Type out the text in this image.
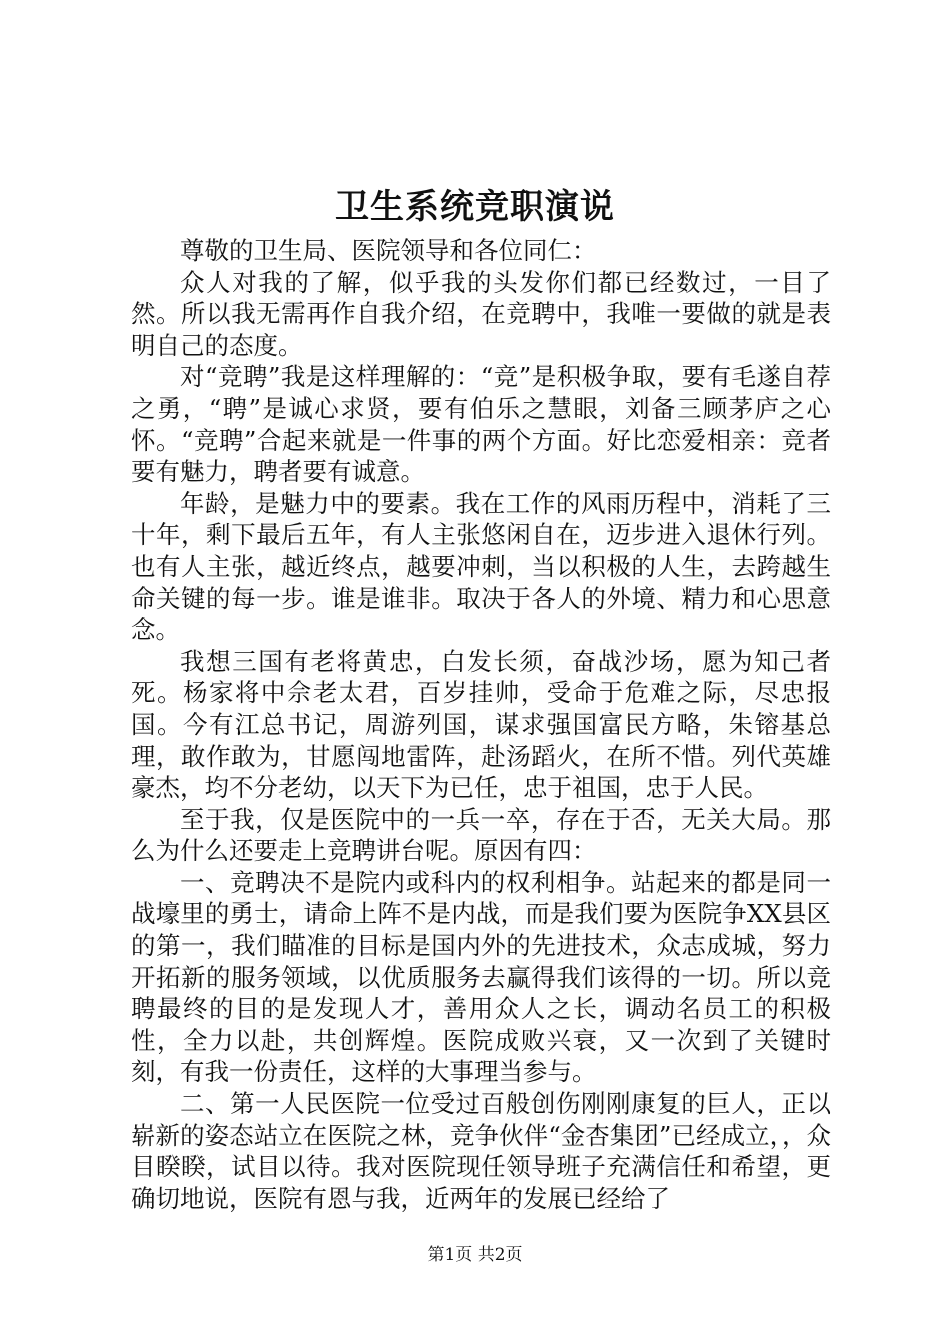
卫生系统竞职演说

尊敬的卫生局、医院领导和各位同仁：

众人对我的了解，似乎我的头发你们都已经数过，一目了然。所以我无需再作自我介绍，在竞聘中，我唯一要做的就是表明自己的态度。

对“竞聘”我是这样理解的：“竞”是积极争取，要有毛遂自荐之勇，“聘”是诚心求贤，要有伯乐之慧眼，刘备三顾茅庐之心怀。“竞聘”合起来就是一件事的两个方面。好比恋爱相亲：竞者要有魅力，聘者要有诚意。

年龄，是魅力中的要素。我在工作的风雨历程中，消耗了三十年，剩下最后五年，有人主张悠闲自在，迈步进入退休行列。也有人主张，越近终点，越要冲刺，当以积极的人生，去跨越生命关键的每一步。谁是谁非。取决于各人的外境、精力和心思意念。

我想三国有老将黄忠，白发长须，奋战沙场，愿为知己者死。杨家将中佘老太君，百岁挂帅，受命于危难之际，尽忠报国。今有江总书记，周游列国，谋求强国富民方略，朱镕基总理，敢作敢为，甘愿闯地雷阵，赴汤蹈火，在所不惜。列代英雄豪杰，均不分老幼，以天下为已任，忠于祖国，忠于人民。

至于我，仅是医院中的一兵一卒，存在于否，无关大局。那么为什么还要走上竞聘讲台呢。原因有四：

一、竞聘决不是院内或科内的权利相争。站起来的都是同一战壕里的勇士，请命上阵不是内战，而是我们要为医院争XX县区的第一，我们瞄准的目标是国内外的先进技术，众志成城，努力开拓新的服务领域，以优质服务去赢得我们该得的一切。所以竞聘最终的目的是发现人才，善用众人之长，调动名员工的积极性，全力以赴，共创辉煌。医院成败兴衰，又一次到了关键时刻，有我一份责任，这样的大事理当参与。

二、第一人民医院一位受过百般创伤刚刚康复的巨人，正以崭新的姿态站立在医院之林，竞争伙伴“金杏集团”已经成立，，众目睽睽，试目以待。我对医院现任领导班子充满信任和希望，更确切地说，医院有恩与我，近两年的发展已经给了

第1页 共2页
